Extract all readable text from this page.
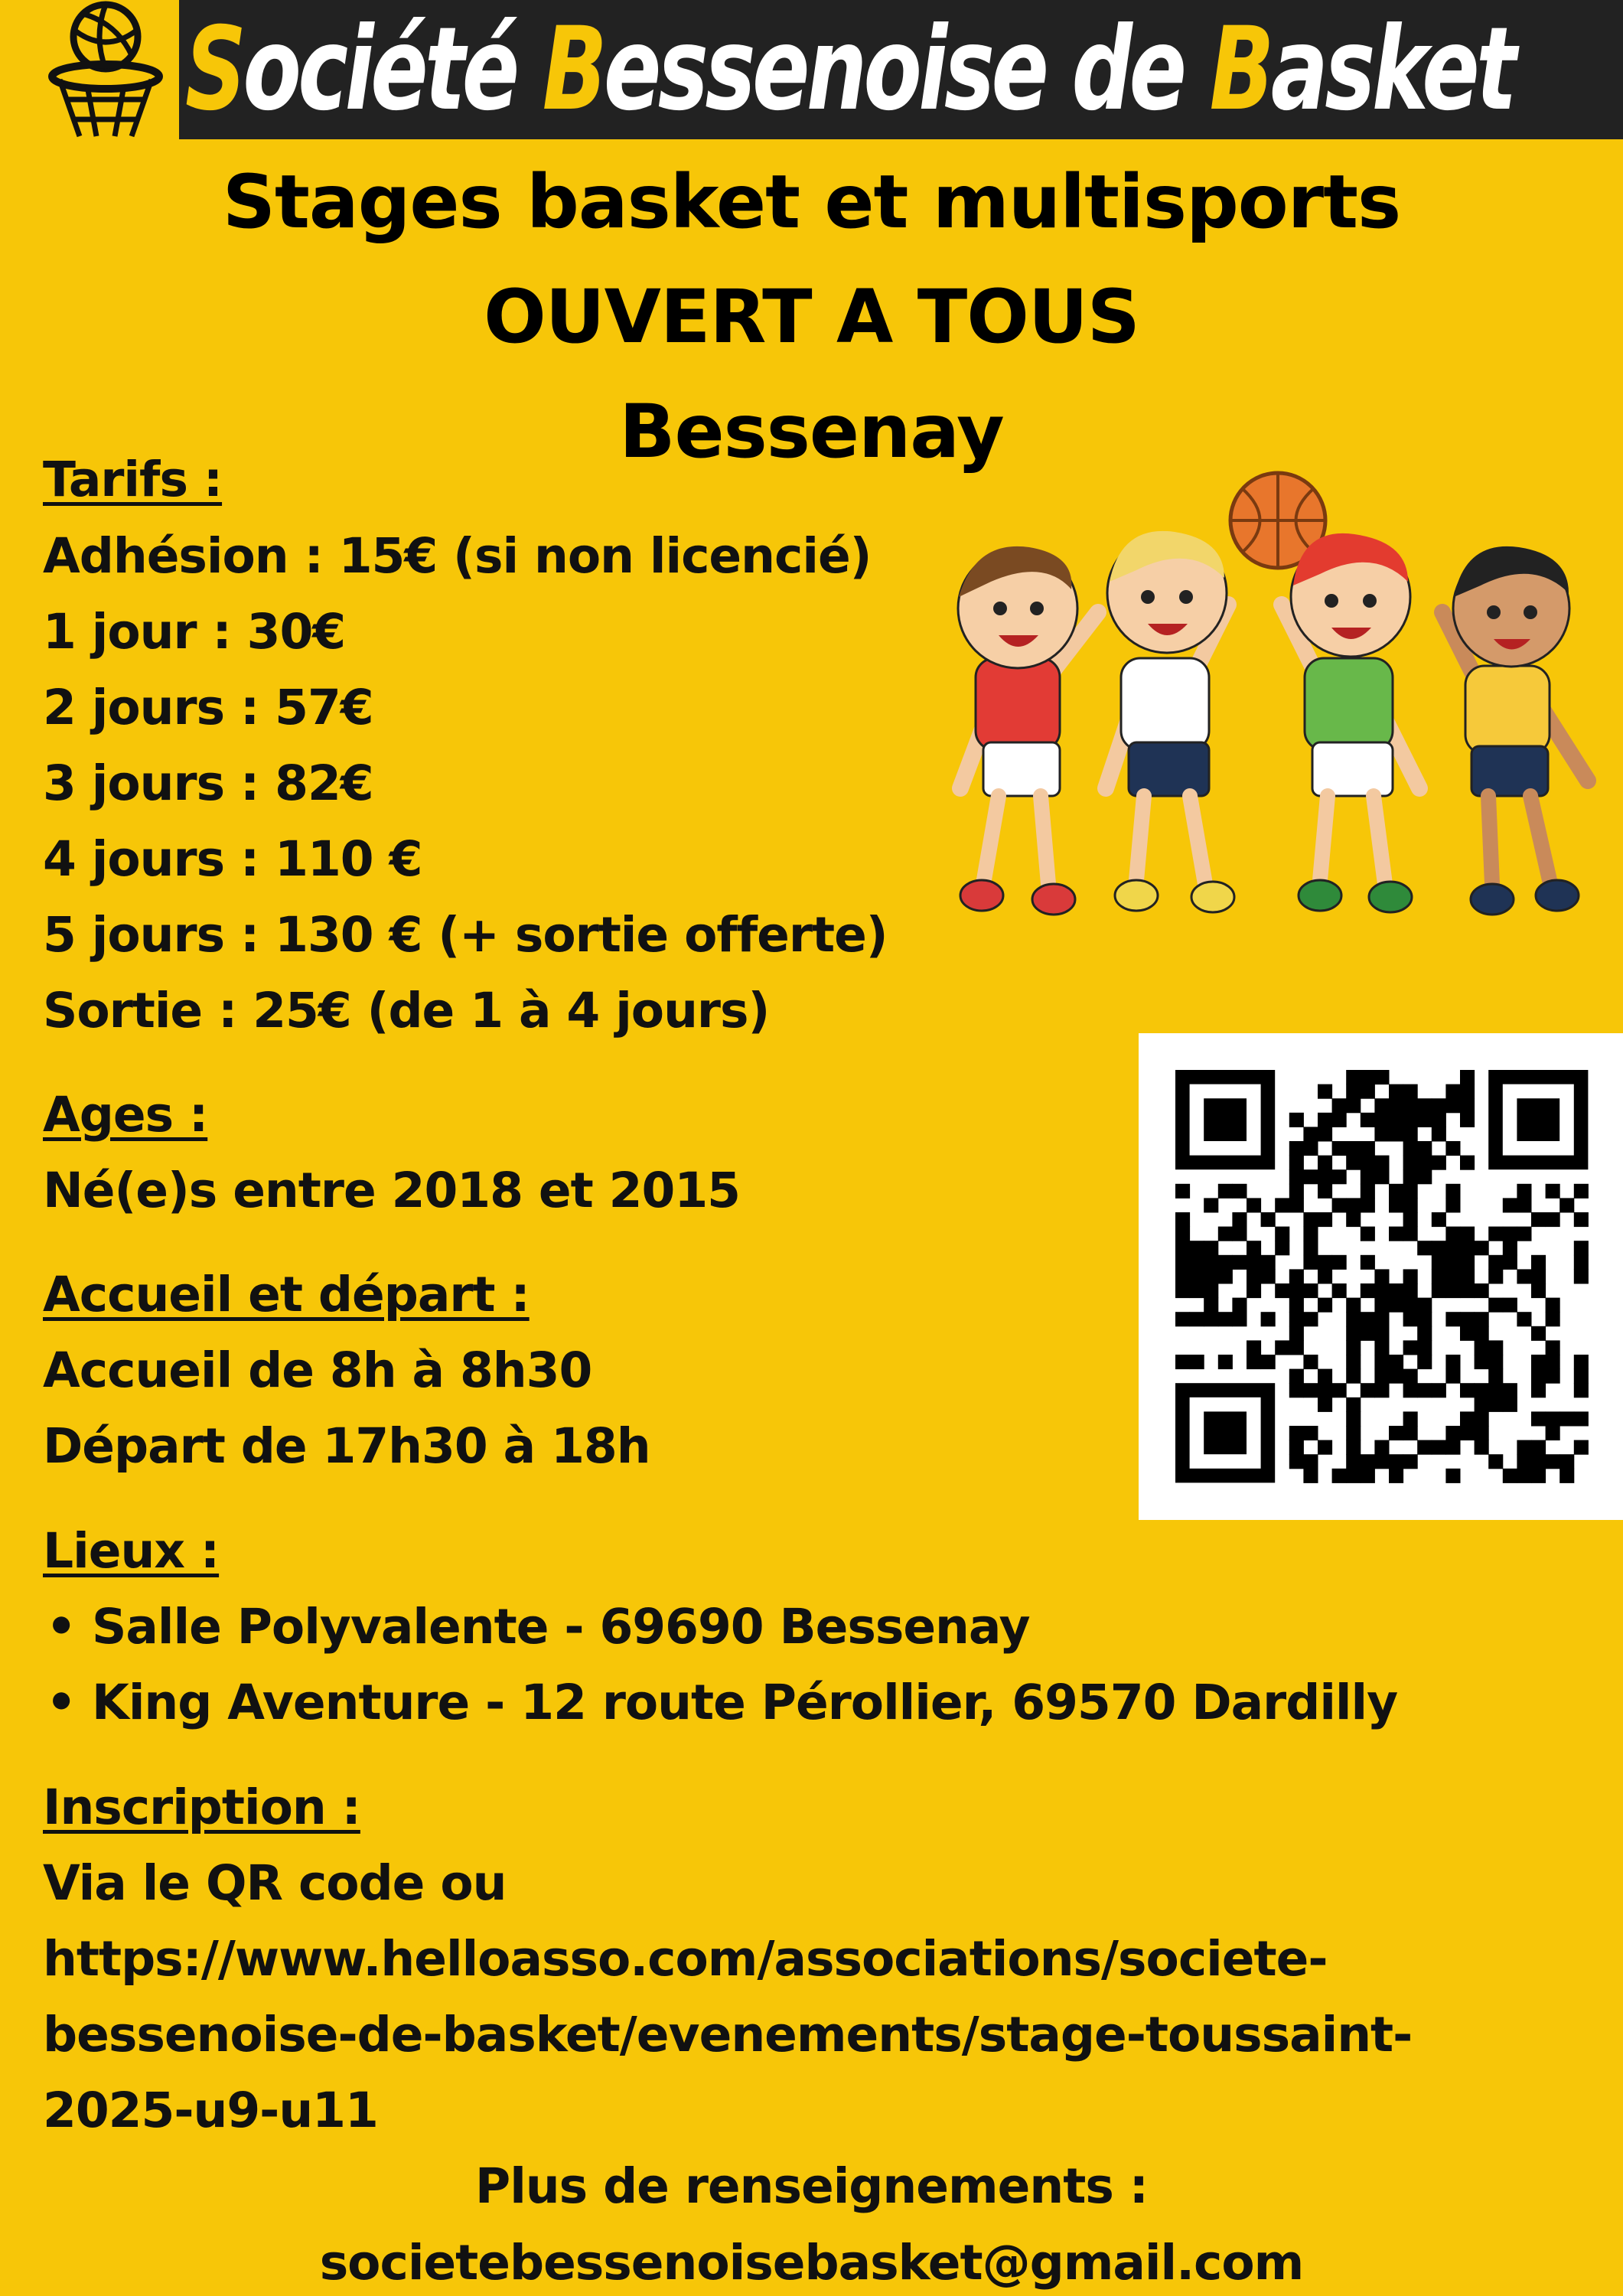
Société Bessenoise de Basket
Stages basket et multisports
OUVERT A TOUS
Bessenay
Tarifs :
Adhésion : 15€ (si non licencié)
1 jour : 30€
2 jours : 57€
3 jours : 82€
4 jours : 110 €
5 jours : 130 € (+ sortie offerte)
Sortie : 25€ (de 1 à 4 jours)
Ages :
Né(e)s entre 2018 et 2015
Accueil et départ :
Accueil de 8h à 8h30
Départ de 17h30 à 18h
Lieux :
• Salle Polyvalente - 69690 Bessenay
• King Aventure - 12 route Pérollier, 69570 Dardilly
Inscription :
Via le QR code ou
https://www.helloasso.com/associations/societe-
bessenoise-de-basket/evenements/stage-toussaint-
2025-u9-u11
Plus de renseignements :
societebessenoisebasket@gmail.com
